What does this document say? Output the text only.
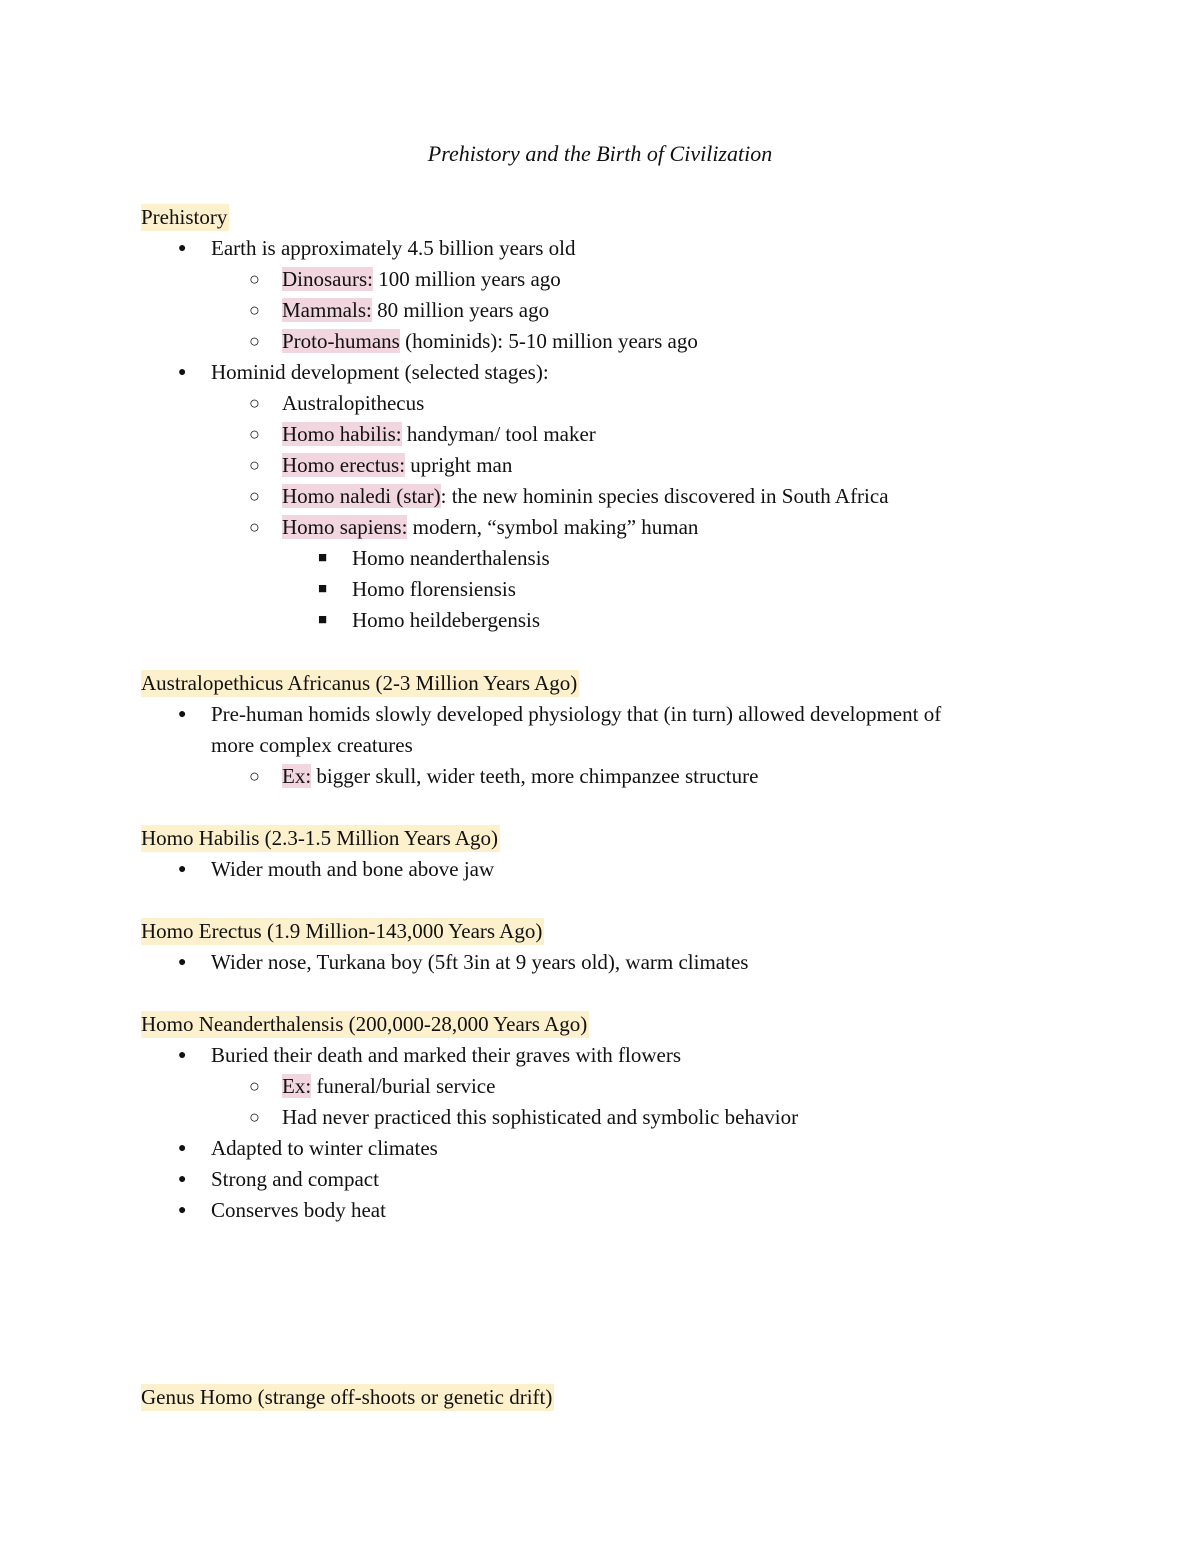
Prehistory and the Birth of Civilization
Prehistory
● Earth is approximately 4.5 billion years old
○ Dinosaurs: 100 million years ago
○ Mammals: 80 million years ago
○ Proto-humans (hominids): 5-10 million years ago
● Hominid development (selected stages):
○ Australopithecus
○ Homo habilis: handyman/ tool maker
○ Homo erectus: upright man
○ Homo naledi (star): the new hominin species discovered in South Africa
○ Homo sapiens: modern, “symbol making” human
■ Homo neanderthalensis
■ Homo florensiensis
■ Homo heildebergensis
Australopethicus Africanus (2-3 Million Years Ago)
● Pre-human homids slowly developed physiology that (in turn) allowed development of
more complex creatures
○ Ex: bigger skull, wider teeth, more chimpanzee structure
Homo Habilis (2.3-1.5 Million Years Ago)
● Wider mouth and bone above jaw
Homo Erectus (1.9 Million-143,000 Years Ago)
● Wider nose, Turkana boy (5ft 3in at 9 years old), warm climates
Homo Neanderthalensis (200,000-28,000 Years Ago)
● Buried their death and marked their graves with flowers
○ Ex: funeral/burial service
○ Had never practiced this sophisticated and symbolic behavior
● Adapted to winter climates
● Strong and compact
● Conserves body heat
Genus Homo (strange off-shoots or genetic drift)
